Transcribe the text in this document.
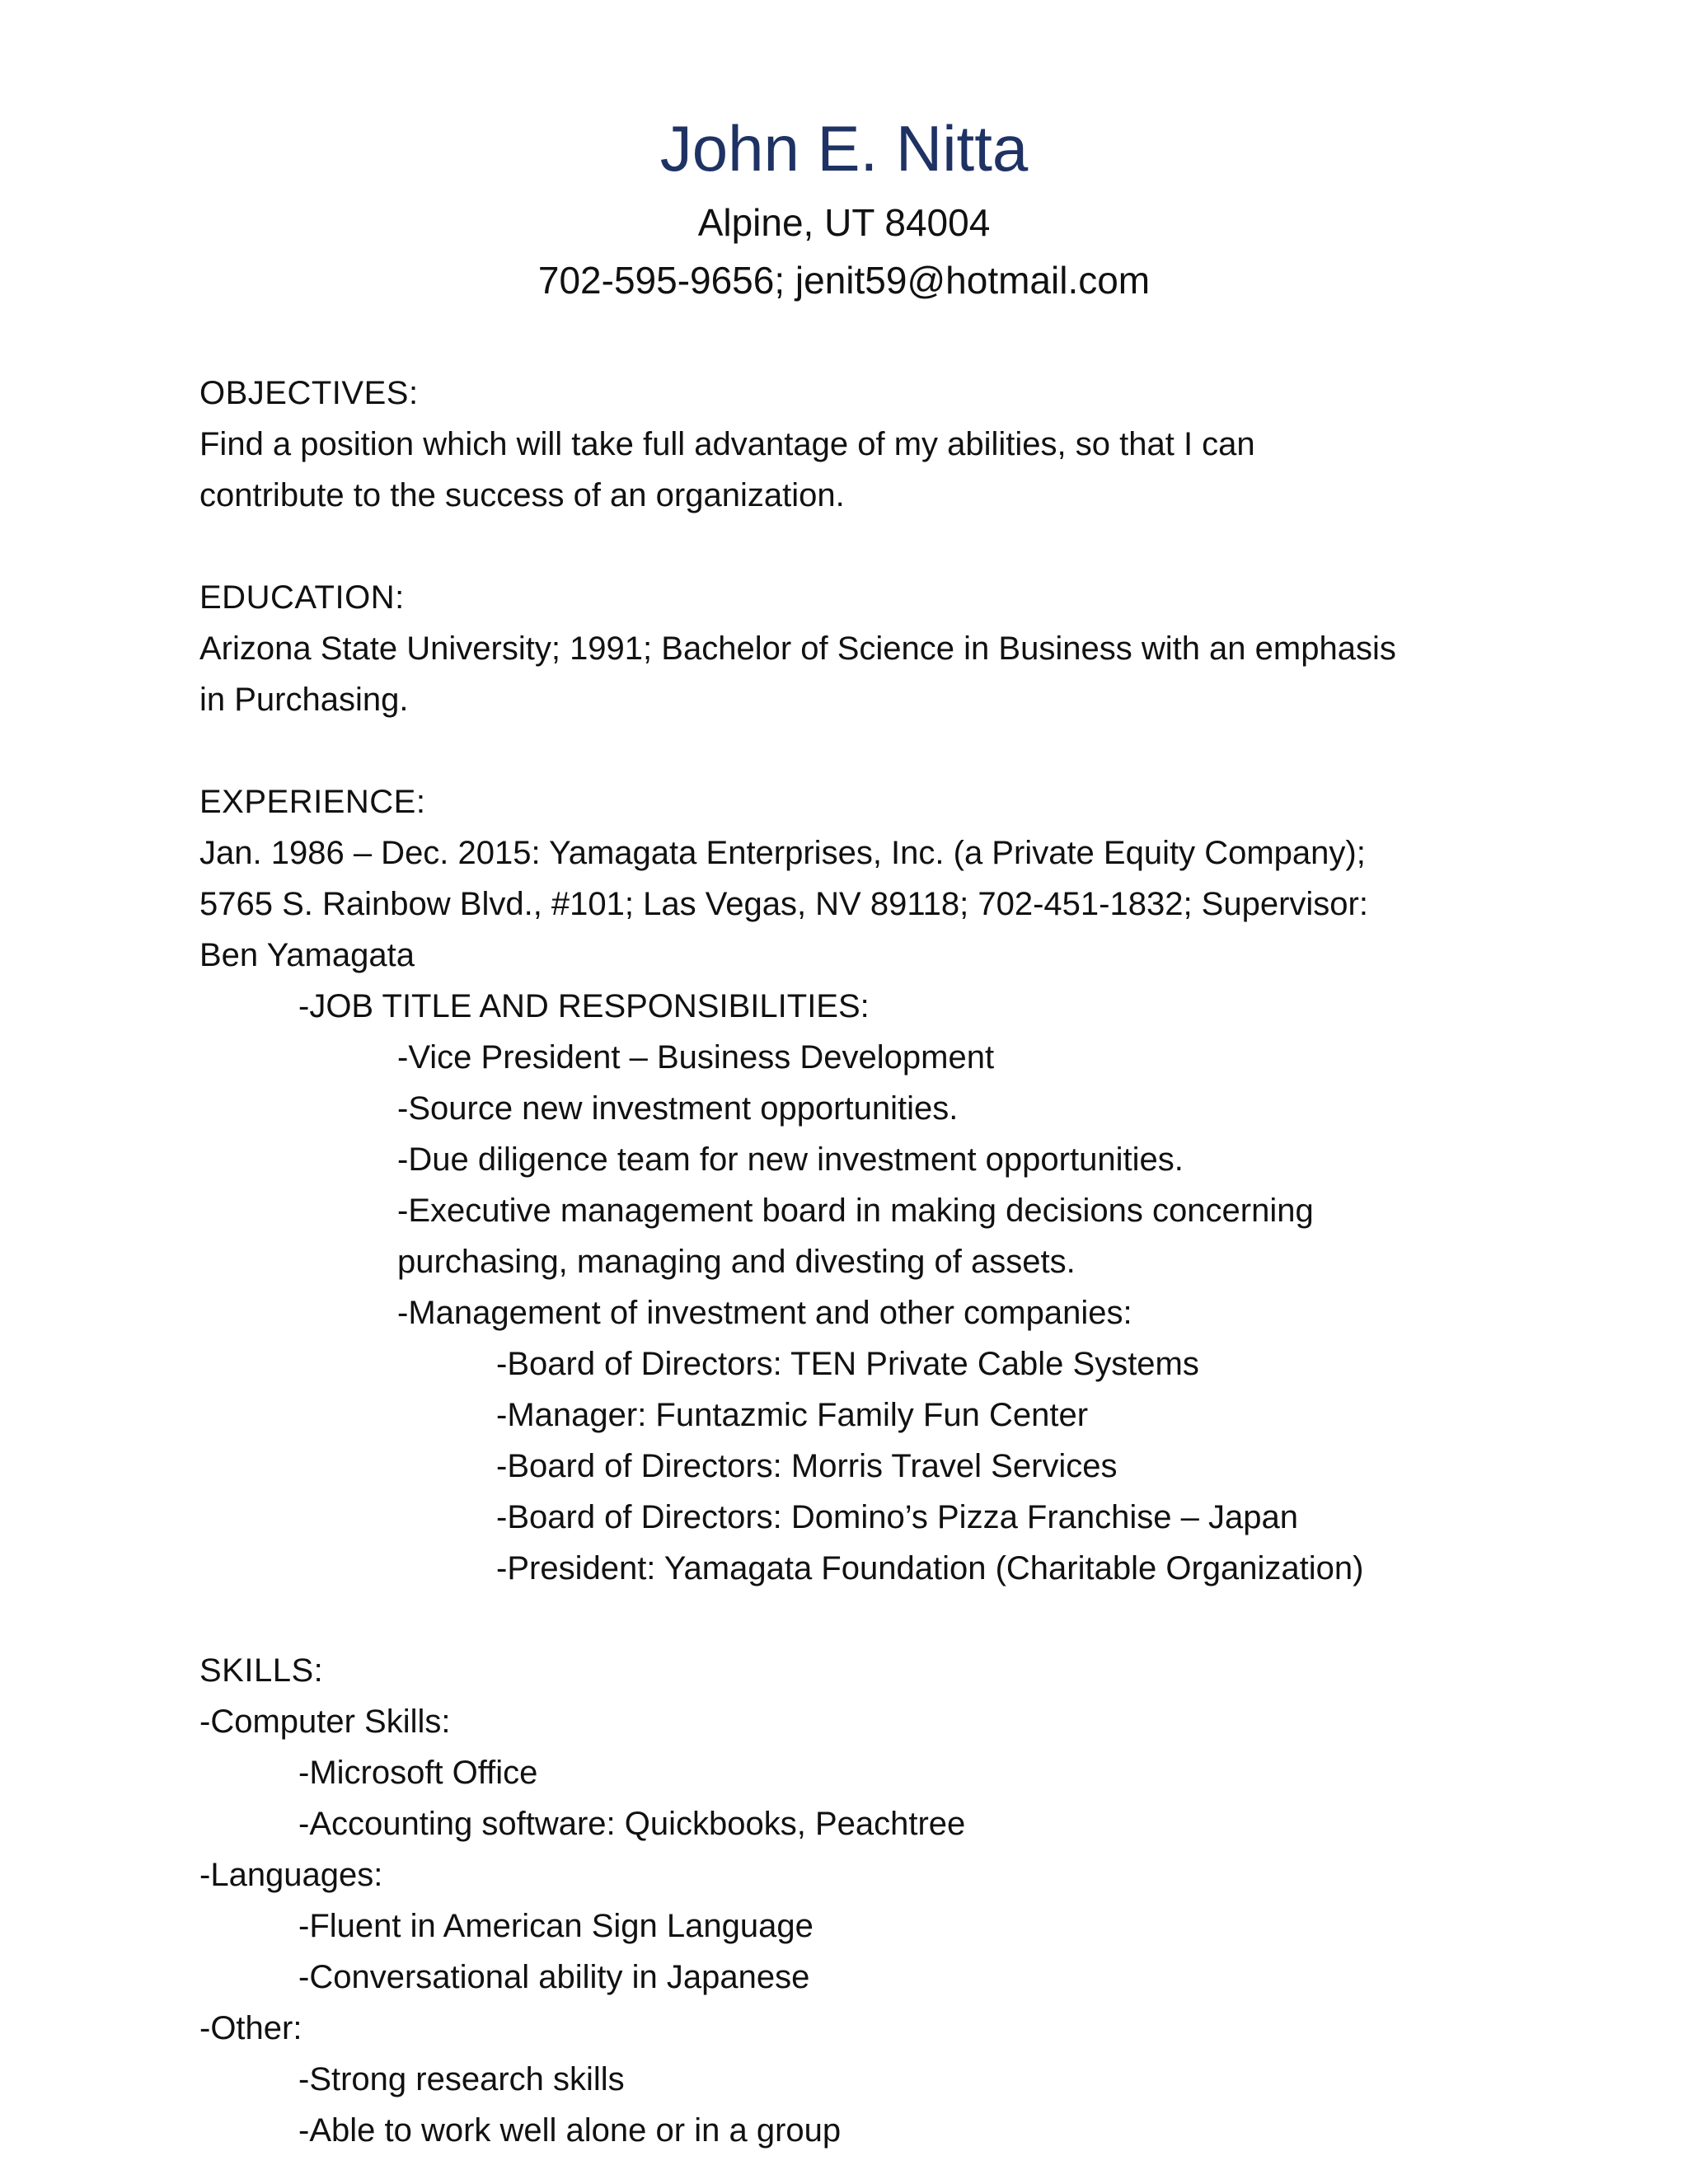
John E. Nitta

Alpine, UT 84004

702-595-9656; jenit59@hotmail.com

OBJECTIVES:

Find a position which will take full advantage of my abilities, so that I can

contribute to the success of an organization.

EDUCATION:

Arizona State University; 1991; Bachelor of Science in Business with an emphasis

in Purchasing.

EXPERIENCE:

Jan. 1986 – Dec. 2015: Yamagata Enterprises, Inc. (a Private Equity Company);

5765 S. Rainbow Blvd., #101; Las Vegas, NV 89118; 702-451-1832; Supervisor:

Ben Yamagata

-JOB TITLE AND RESPONSIBILITIES:

-Vice President – Business Development

-Source new investment opportunities.

-Due diligence team for new investment opportunities.

-Executive management board in making decisions concerning

purchasing, managing and divesting of assets.

-Management of investment and other companies:

-Board of Directors: TEN Private Cable Systems

-Manager: Funtazmic Family Fun Center

-Board of Directors: Morris Travel Services

-Board of Directors: Domino’s Pizza Franchise – Japan

-President: Yamagata Foundation (Charitable Organization)

SKILLS:

-Computer Skills:

-Microsoft Office

-Accounting software: Quickbooks, Peachtree

-Languages:

-Fluent in American Sign Language

-Conversational ability in Japanese

-Other:

-Strong research skills

-Able to work well alone or in a group
